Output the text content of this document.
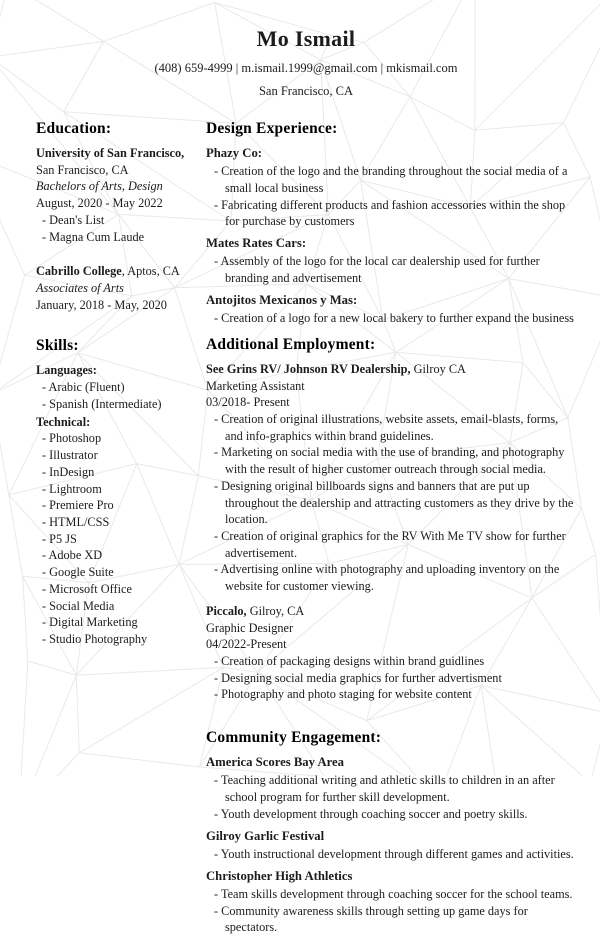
Mo Ismail
(408) 659-4999 | m.ismail.1999@gmail.com | mkismail.com
San Francisco, CA
Education:
University of San Francisco,
San Francisco, CA
Bachelors of Arts, Design
August, 2020 - May 2022
- Dean's List
- Magna Cum Laude
Cabrillo College, Aptos, CA
Associates of Arts
January, 2018 - May, 2020
Skills:
Languages:
- Arabic (Fluent)
- Spanish (Intermediate)
Technical:
- Photoshop
- Illustrator
- InDesign
- Lightroom
- Premiere Pro
- HTML/CSS
- P5 JS
- Adobe XD
- Google Suite
- Microsoft Office
- Social Media
- Digital Marketing
- Studio Photography
Design Experience:
Phazy Co:
- Creation of the logo and the branding throughout the social media of a small local business
- Fabricating different products and fashion accessories within the shop for purchase by customers
Mates Rates Cars:
- Assembly of the logo for the local car dealership used for further branding and advertisement
Antojitos Mexicanos y Mas:
- Creation of a logo for a new local bakery to further expand the business
Additional Employment:
See Grins RV/ Johnson RV Dealership, Gilroy CA
Marketing Assistant
03/2018- Present
- Creation of original illustrations, website assets, email-blasts, forms, and info-graphics within brand guidelines.
- Marketing on social media with the use of branding, and photography with the result of higher customer outreach through social media.
- Designing original billboards signs and banners that are put up throughout the dealership and attracting customers as they drive by the location.
- Creation of original graphics for the RV With Me TV show for further advertisement.
- Advertising online with photography and uploading inventory on the website for customer viewing.
Piccalo, Gilroy, CA
Graphic Designer
04/2022-Present
- Creation of packaging designs within brand guidlines
- Designing social media graphics for further advertisment
- Photography and photo staging for website content
Community Engagement:
America Scores Bay Area
- Teaching additional writing and athletic skills to children in an after school program for further skill development.
- Youth development through coaching soccer and poetry skills.
Gilroy Garlic Festival
- Youth instructional development through different games and activities.
Christopher High Athletics
- Team skills development through coaching soccer for the school teams.
- Community awareness skills through setting up game days for spectators.
